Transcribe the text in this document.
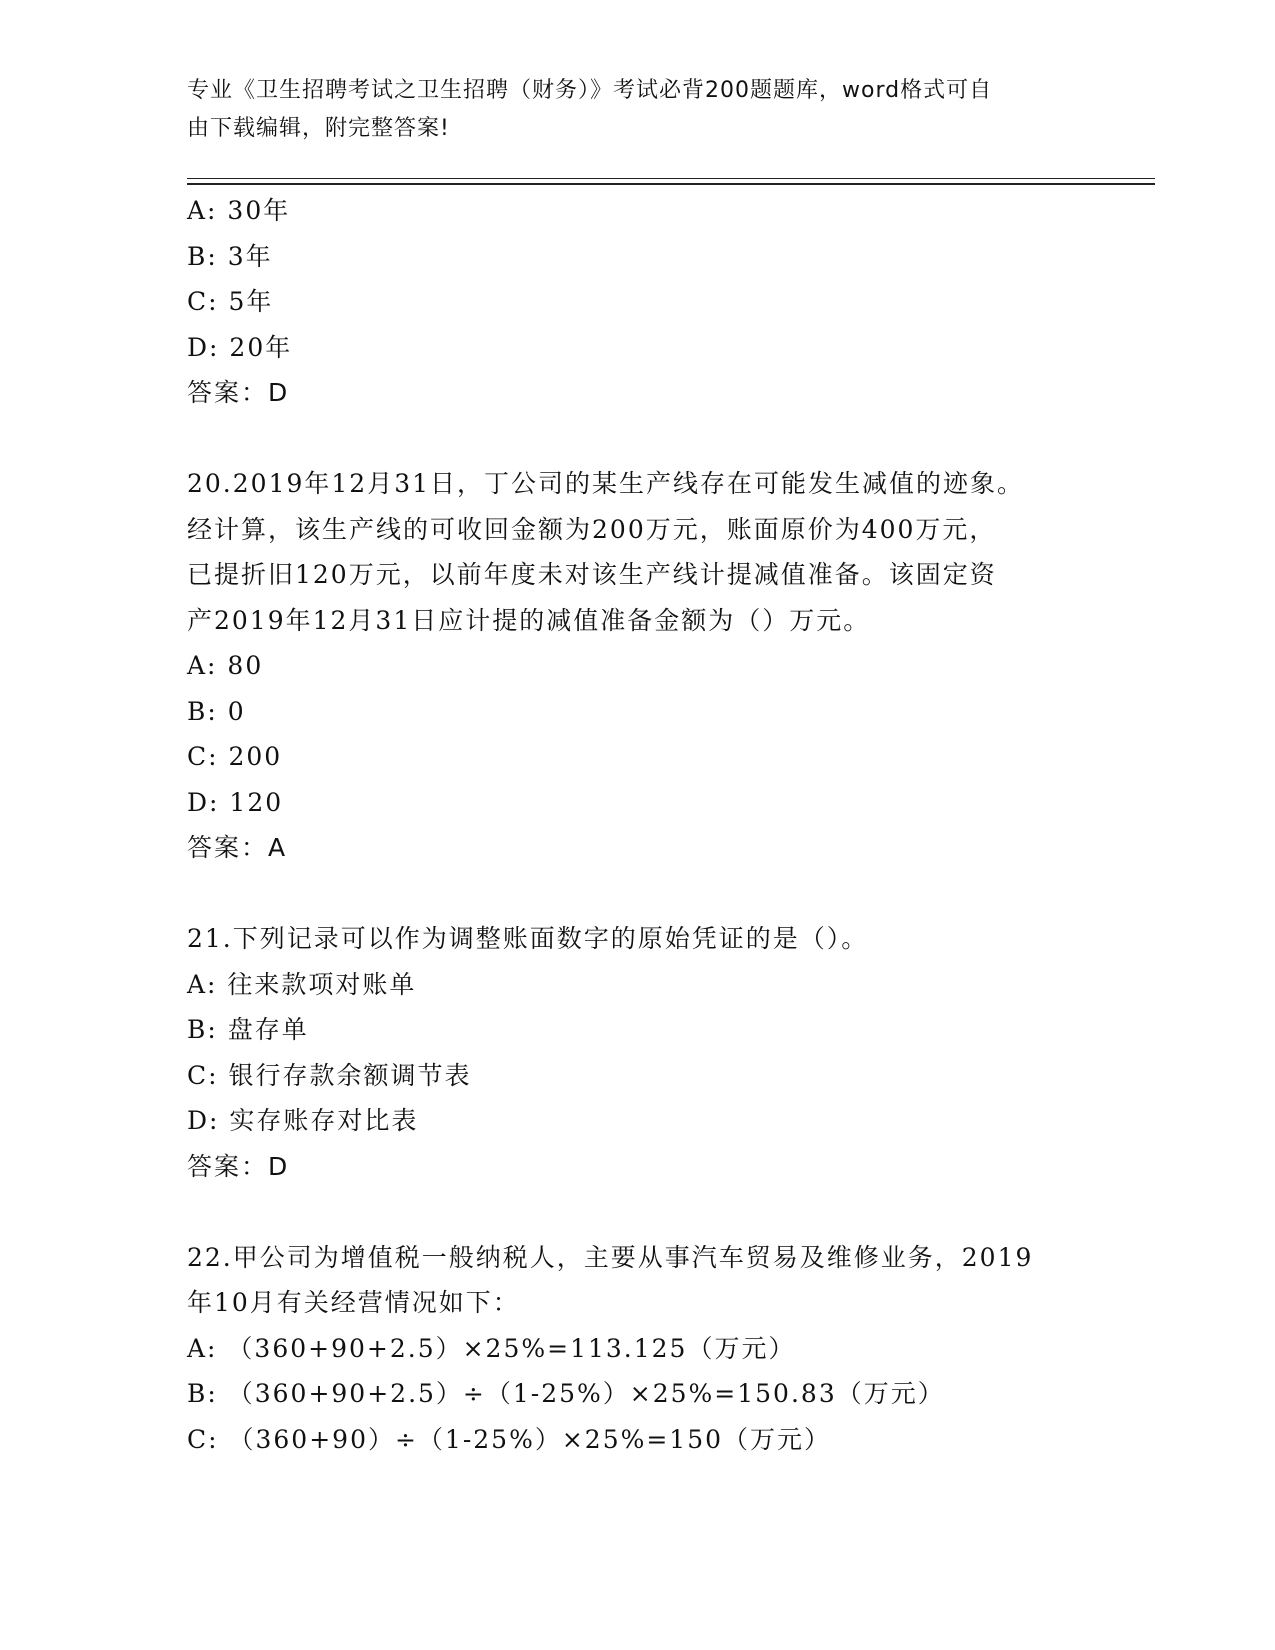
专业《卫生招聘考试之卫生招聘（财务）》考试必背200题题库，word格式可自
由下载编辑，附完整答案!
A: 30年
B: 3年
C: 5年
D: 20年
答案：D
20.2019年12月31日，丁公司的某生产线存在可能发生减值的迹象。
经计算，该生产线的可收回金额为200万元，账面原价为400万元，
已提折旧120万元，以前年度未对该生产线计提减值准备。该固定资
产2019年12月31日应计提的减值准备金额为（）万元。
A: 80
B: 0
C: 200
D: 120
答案：A
21.下列记录可以作为调整账面数字的原始凭证的是（）。
A: 往来款项对账单
B: 盘存单
C: 银行存款余额调节表
D: 实存账存对比表
答案：D
22.甲公司为增值税一般纳税人，主要从事汽车贸易及维修业务，2019
年10月有关经营情况如下：
A: （360+90+2.5）×25%=113.125（万元）
B: （360+90+2.5）÷（1-25%）×25%=150.83（万元）
C: （360+90）÷（1-25%）×25%=150（万元）
